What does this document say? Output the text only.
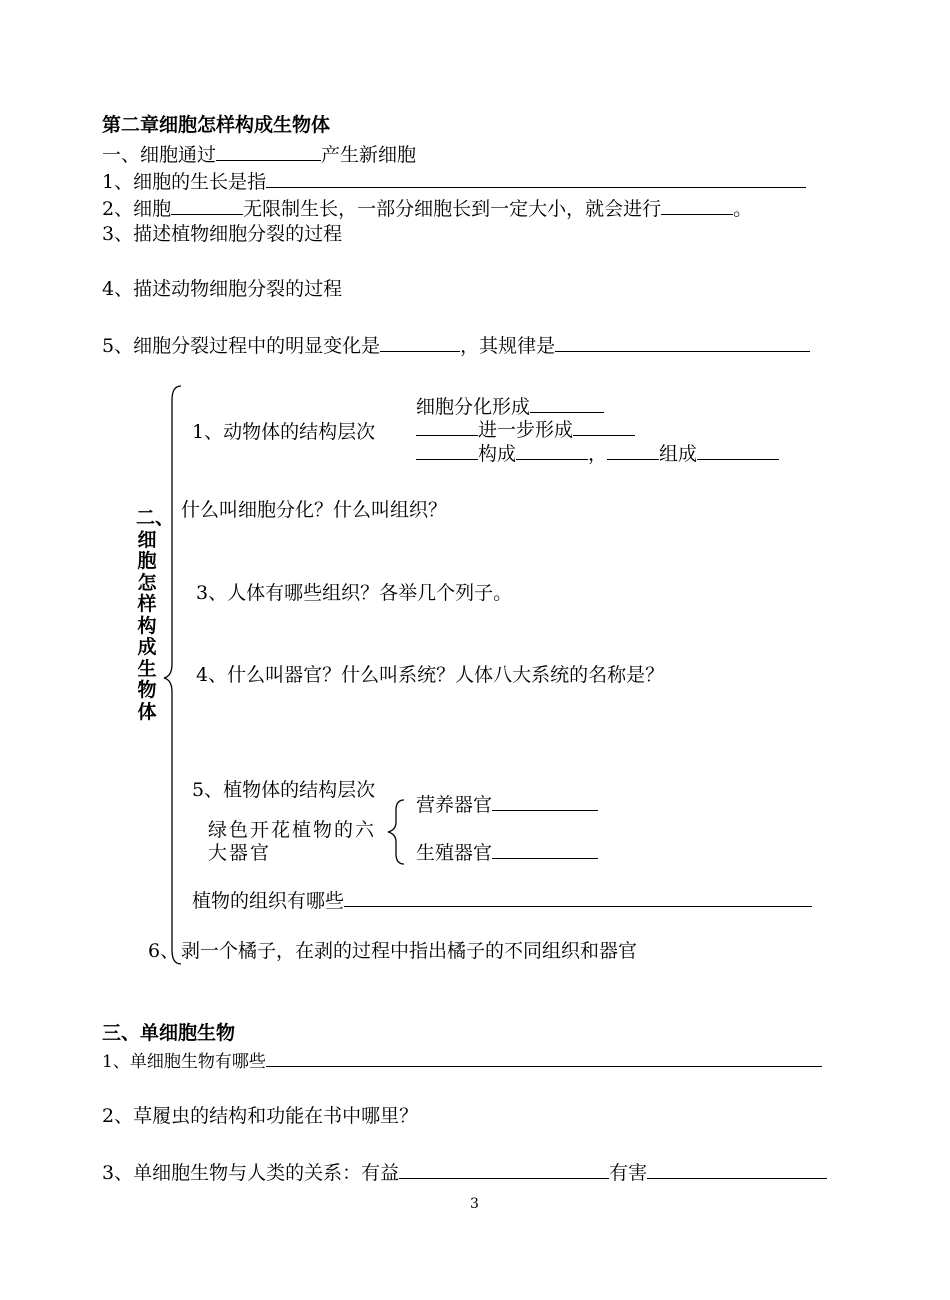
第二章细胞怎样构成生物体
一、细胞通过	产生新细胞
1、细胞的生长是指
2、细胞	无限制生长，一部分细胞长到一定大小，就会进行	。
3、描述植物细胞分裂的过程
4、描述动物细胞分裂的过程
5、细胞分裂过程中的明显变化是	，其规律是
二、细胞怎样构成生物体
1、动物体的结构层次
细胞分化形成
进一步形成
构成	，	组成
什么叫细胞分化？什么叫组织？
3、人体有哪些组织？各举几个列子。
4、什么叫器官？什么叫系统？人体八大系统的名称是？
5、植物体的结构层次
绿色开花植物的六大器官
营养器官
生殖器官
植物的组织有哪些
6、 剥一个橘子，在剥的过程中指出橘子的不同组织和器官
三、单细胞生物
1、单细胞生物有哪些
2、草履虫的结构和功能在书中哪里？
3、单细胞生物与人类的关系：有益	有害
3
